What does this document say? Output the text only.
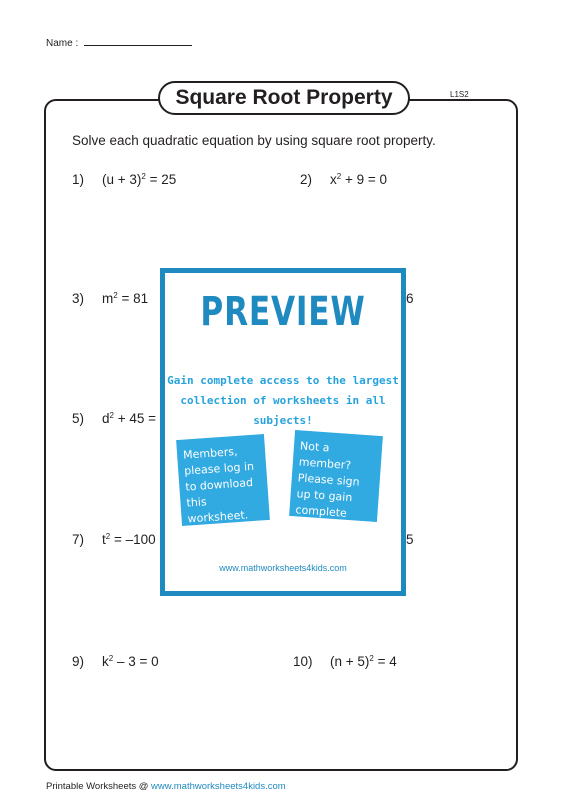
Name :
Square Root Property	L1S2
Solve each quadratic equation by using square root property.
1) $(u + 3)^2 = 25$	2) $x^2 + 9 = 0$
3) $m^2 = 81$	6
5) $d^2 + 45$ =
7) $t^2 = -100$	5
9) $k^2 - 3 = 0$	10) $(n + 5)^2 = 4$
PREVIEW
Gain complete access to the largest
collection of worksheets in all subjects!
Members, please log in to download this worksheet.
Not a member? Please sign up to gain complete access.
www.mathworksheets4kids.com
Printable Worksheets @ www.mathworksheets4kids.com
